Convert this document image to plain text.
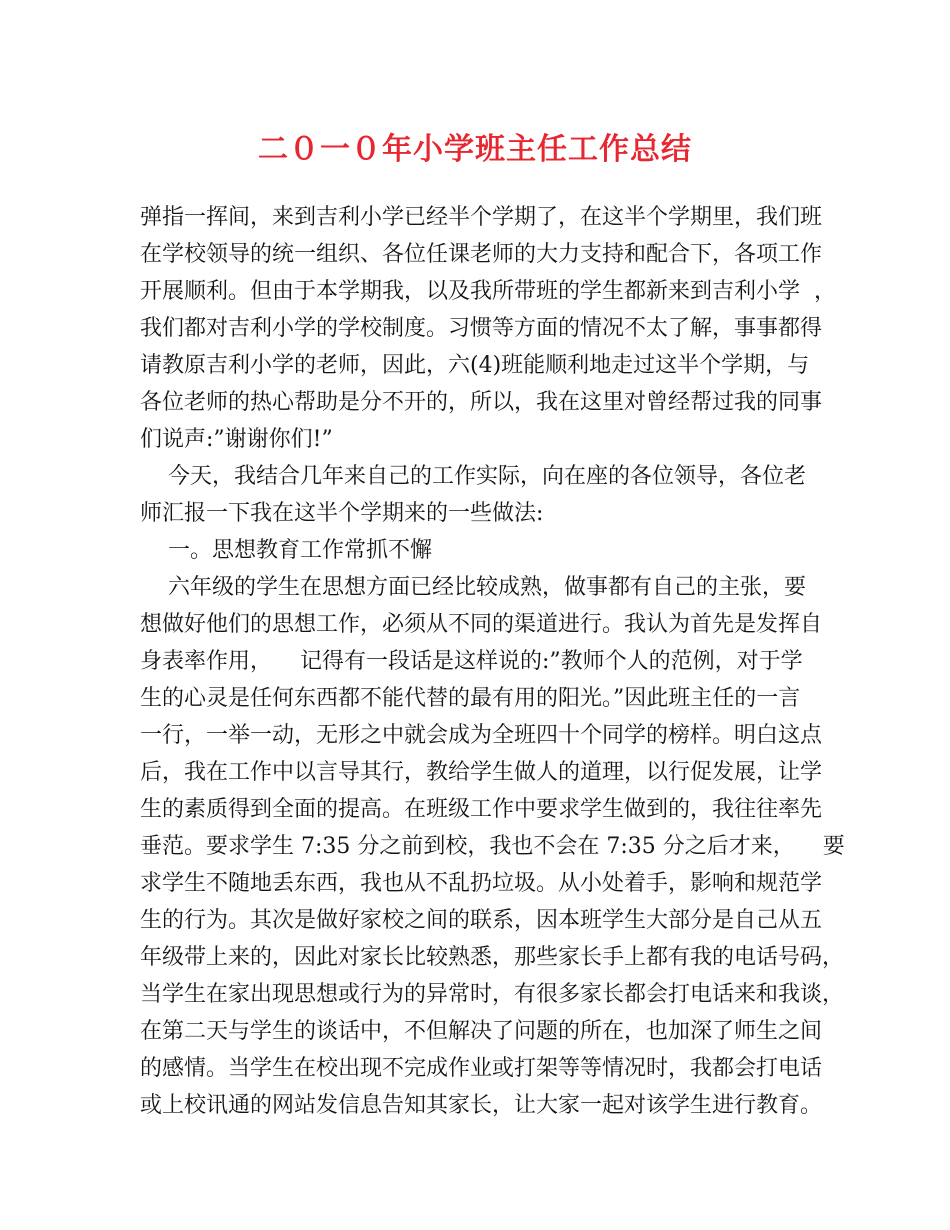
二０一０年小学班主任工作总结
弹指一挥间，来到吉利小学已经半个学期了，在这半个学期里，我们班
在学校领导的统一组织、各位任课老师的大力支持和配合下，各项工作
开展顺利。但由于本学期我，以及我所带班的学生都新来到吉利小学  ，
我们都对吉利小学的学校制度。习惯等方面的情况不太了解，事事都得
请教原吉利小学的老师，因此，六(4)班能顺利地走过这半个学期，与
各位老师的热心帮助是分不开的，所以，我在这里对曾经帮过我的同事
们说声:”谢谢你们!”
今天，我结合几年来自己的工作实际，向在座的各位领导，各位老
师汇报一下我在这半个学期来的一些做法:
一。思想教育工作常抓不懈
六年级的学生在思想方面已经比较成熟，做事都有自己的主张，要
想做好他们的思想工作，必须从不同的渠道进行。我认为首先是发挥自
身表率作用，    记得有一段话是这样说的:”教师个人的范例，对于学
生的心灵是任何东西都不能代替的最有用的阳光。”因此班主任的一言
一行，一举一动，无形之中就会成为全班四十个同学的榜样。明白这点
后，我在工作中以言导其行，教给学生做人的道理，以行促发展，让学
生的素质得到全面的提高。在班级工作中要求学生做到的，我往往率先
垂范。要求学生 7:35 分之前到校，我也不会在 7:35 分之后才来，    要
求学生不随地丢东西，我也从不乱扔垃圾。从小处着手，影响和规范学
生的行为。其次是做好家校之间的联系，因本班学生大部分是自己从五
年级带上来的，因此对家长比较熟悉，那些家长手上都有我的电话号码，
当学生在家出现思想或行为的异常时，有很多家长都会打电话来和我谈，
在第二天与学生的谈话中，不但解决了问题的所在，也加深了师生之间
的感情。当学生在校出现不完成作业或打架等等情况时，我都会打电话
或上校讯通的网站发信息告知其家长，让大家一起对该学生进行教育。
